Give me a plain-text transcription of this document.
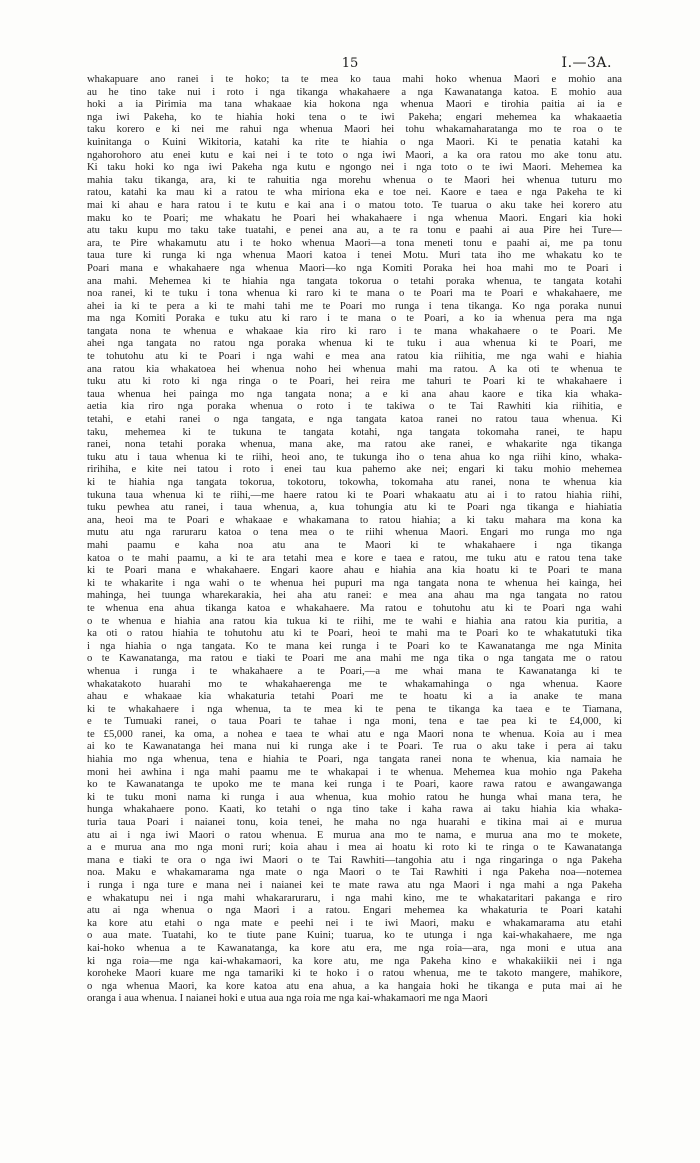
15	I.—3A.
whakapuare ano ranei i te hoko; ta te mea ko taua mahi hoko whenua Maori e mohio ana
au he tino take nui i roto i nga tikanga whakahaere a nga Kawanatanga katoa. E mohio aua
hoki a ia Pirimia ma tana whakaae kia hokona nga whenua Maori e tirohia paitia ai ia e
nga iwi Pakeha, ko te hiahia hoki tena o te iwi Pakeha; engari mehemea ka whakaaetia
taku korero e ki nei me rahui nga whenua Maori hei tohu whakamaharatanga mo te roa o te
kuinitanga o Kuini Wikitoria, katahi ka rite te hiahia o nga Maori. Ki te penatia katahi ka
ngahorohoro atu enei kutu e kai nei i te toto o nga iwi Maori, a ka ora ratou mo ake tonu atu.
Ki taku hoki ko nga iwi Pakeha nga kutu e ngongo nei i nga toto o te iwi Maori. Mehemea ka
mahia taku tikanga, ara, ki te rahuitia nga morehu whenua o te Maori hei whenua tuturu mo
ratou, katahi ka mau ki a ratou te wha miriona eka e toe nei. Kaore e taea e nga Pakeha te ki
mai ki ahau e hara ratou i te kutu e kai ana i o matou toto. Te tuarua o aku take hei korero atu
maku ko te Poari; me whakatu he Poari hei whakahaere i nga whenua Maori. Engari kia hoki
atu taku kupu mo taku take tuatahi, e penei ana au, a te ra tonu e paahi ai aua Pire hei Ture—
ara, te Pire whakamutu atu i te hoko whenua Maori—a tona meneti tonu e paahi ai, me pa tonu
taua ture ki runga ki nga whenua Maori katoa i tenei Motu. Muri tata iho me whakatu ko te
Poari mana e whakahaere nga whenua Maori—ko nga Komiti Poraka hei hoa mahi mo te Poari i
ana mahi. Mehemea ki te hiahia nga tangata tokorua o tetahi poraka whenua, te tangata kotahi
noa ranei, ki te tuku i tona whenua ki raro ki te mana o te Poari ma te Poari e whakahaere, me
ahei ia ki te pera a ki te mahi tahi me te Poari mo runga i tena tikanga. Ko nga poraka nunui
ma nga Komiti Poraka e tuku atu ki raro i te mana o te Poari, a ko ia whenua pera ma nga
tangata nona te whenua e whakaae kia riro ki raro i te mana whakahaere o te Poari. Me
ahei nga tangata no ratou nga poraka whenua ki te tuku i aua whenua ki te Poari, me
te tohutohu atu ki te Poari i nga wahi e mea ana ratou kia riihitia, me nga wahi e hiahia
ana ratou kia whakatoea hei whenua noho hei whenua mahi ma ratou. A ka oti te whenua te
tuku atu ki roto ki nga ringa o te Poari, hei reira me tahuri te Poari ki te whakahaere i
taua whenua hei painga mo nga tangata nona; a e ki ana ahau kaore e tika kia whaka-
aetia kia riro nga poraka whenua o roto i te takiwa o te Tai Rawhiti kia riihitia, e
tetahi, e etahi ranei o nga tangata, e nga tangata katoa ranei no ratou taua whenua. Ki
taku, mehemea ki te tukuna te tangata kotahi, nga tangata tokomaha ranei, te hapu
ranei, nona tetahi poraka whenua, mana ake, ma ratou ake ranei, e whakarite nga tikanga
tuku atu i taua whenua ki te riihi, heoi ano, te tukunga iho o tena ahua ko nga riihi kino, whaka-
ririhiha, e kite nei tatou i roto i enei tau kua pahemo ake nei; engari ki taku mohio mehemea
ki te hiahia nga tangata tokorua, tokotoru, tokowha, tokomaha atu ranei, nona te whenua kia
tukuna taua whenua ki te riihi,—me haere ratou ki te Poari whakaatu atu ai i to ratou hiahia riihi,
tuku pewhea atu ranei, i taua whenua, a, kua tohungia atu ki te Poari nga tikanga e hiahiatia
ana, heoi ma te Poari e whakaae e whakamana to ratou hiahia; a ki taku mahara ma kona ka
mutu atu nga raruraru katoa o tena mea o te riihi whenua Maori. Engari mo runga mo nga
mahi paamu e kaha noa atu ana te Maori ki te whakahaere i nga tikanga
katoa o te mahi paamu, a ki te ara tetahi mea e kore e taea e ratou, me tuku atu e ratou tena take
ki te Poari mana e whakahaere. Engari kaore ahau e hiahia ana kia hoatu ki te Poari te mana
ki te whakarite i nga wahi o te whenua hei pupuri ma nga tangata nona te whenua hei kainga, hei
mahinga, hei tuunga wharekarakia, hei aha atu ranei: e mea ana ahau ma nga tangata no ratou
te whenua ena ahua tikanga katoa e whakahaere. Ma ratou e tohutohu atu ki te Poari nga wahi
o te whenua e hiahia ana ratou kia tukua ki te riihi, me te wahi e hiahia ana ratou kia puritia, a
ka oti o ratou hiahia te tohutohu atu ki te Poari, heoi te mahi ma te Poari ko te whakatutuki tika
i nga hiahia o nga tangata. Ko te mana kei runga i te Poari ko te Kawanatanga me nga Minita
o te Kawanatanga, ma ratou e tiaki te Poari me ana mahi me nga tika o nga tangata me o ratou
whenua i runga i te whakahaere a te Poari,—a me whai mana te Kawanatanga ki te
whakatakoto huarahi mo te whakahaerenga me te whakamahinga o nga whenua. Kaore
ahau e whakaae kia whakaturia tetahi Poari me te hoatu ki a ia anake te mana
ki te whakahaere i nga whenua, ta te mea ki te pena te tikanga ka taea e te Tiamana,
e te Tumuaki ranei, o taua Poari te tahae i nga moni, tena e tae pea ki te £4,000, ki
te £5,000 ranei, ka oma, a nohea e taea te whai atu e nga Maori nona te whenua. Koia au i mea
ai ko te Kawanatanga hei mana nui ki runga ake i te Poari. Te rua o aku take i pera ai taku
hiahia mo nga whenua, tena e hiahia te Poari, nga tangata ranei nona te whenua, kia namaia he
moni hei awhina i nga mahi paamu me te whakapai i te whenua. Mehemea kua mohio nga Pakeha
ko te Kawanatanga te upoko me te mana kei runga i te Poari, kaore rawa ratou e awangawanga
ki te tuku moni nama ki runga i aua whenua, kua mohio ratou he hunga whai mana tera, he
hunga whakahaere pono. Kaati, ko tetahi o nga tino take i kaha rawa ai taku hiahia kia whaka-
turia taua Poari i naianei tonu, koia tenei, he maha no nga huarahi e tikina mai ai e murua
atu ai i nga iwi Maori o ratou whenua. E murua ana mo te nama, e murua ana mo te mokete,
a e murua ana mo nga moni ruri; koia ahau i mea ai hoatu ki roto ki te ringa o te Kawanatanga
mana e tiaki te ora o nga iwi Maori o te Tai Rawhiti—tangohia atu i nga ringaringa o nga Pakeha
noa. Maku e whakamarama nga mate o nga Maori o te Tai Rawhiti i nga Pakeha noa—notemea
i runga i nga ture e mana nei i naianei kei te mate rawa atu nga Maori i nga mahi a nga Pakeha
e whakatupu nei i nga mahi whakararuraru, i nga mahi kino, me te whakataritari pakanga e riro
atu ai nga whenua o nga Maori i a ratou. Engari mehemea ka whakaturia te Poari katahi
ka kore atu etahi o nga mate e peehi nei i te iwi Maori, maku e whakamarama atu etahi
o aua mate. Tuatahi, ko te tiute pane Kuini; tuarua, ko te utunga i nga kai-whakahaere, me nga
kai-hoko whenua a te Kawanatanga, ka kore atu era, me nga roia—ara, nga moni e utua ana
ki nga roia—me nga kai-whakamaori, ka kore atu, me nga Pakeha kino e whakakiikii nei i nga
koroheke Maori kuare me nga tamariki ki te hoko i o ratou whenua, me te takoto mangere, mahikore,
o nga whenua Maori, ka kore katoa atu ena ahua, a ka hangaia hoki he tikanga e puta mai ai he
oranga i aua whenua. I naianei hoki e utua aua nga roia me nga kai-whakamaori me nga Maori
